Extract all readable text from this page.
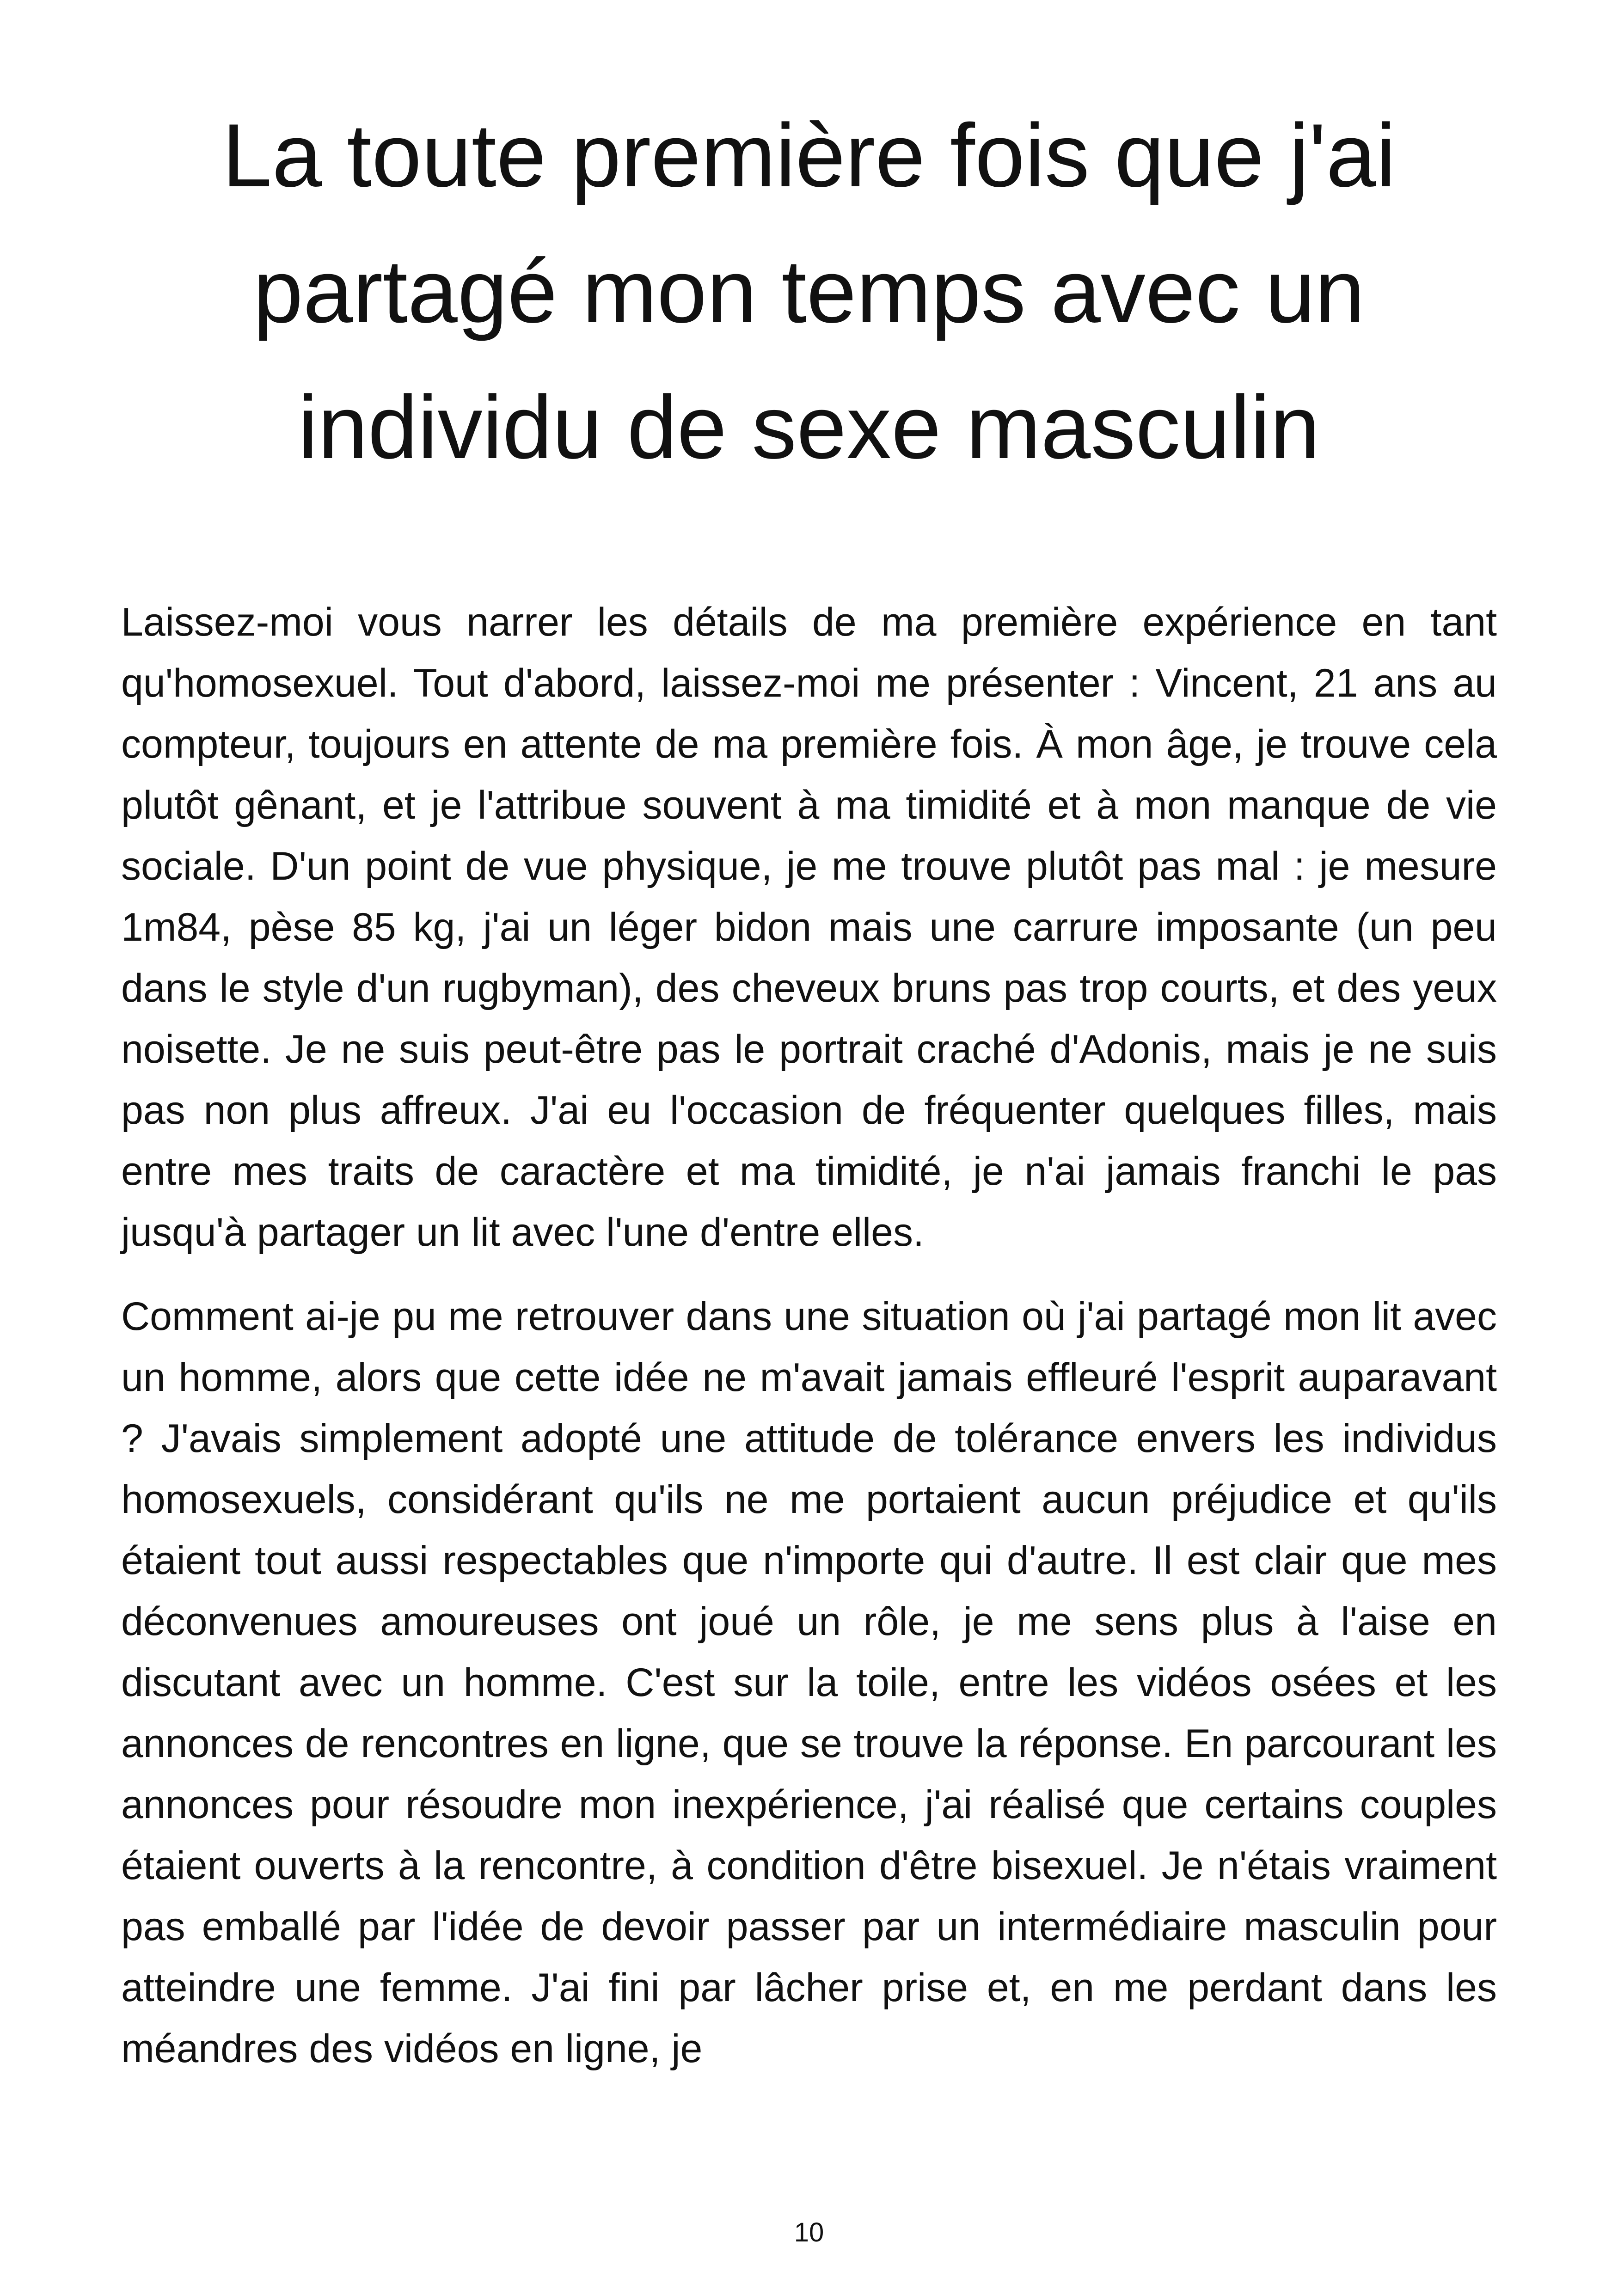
La toute première fois que j'ai partagé mon temps avec un individu de sexe masculin

Laissez-moi vous narrer les détails de ma première expérience en tant qu'homosexuel. Tout d'abord, laissez-moi me présenter : Vincent, 21 ans au compteur, toujours en attente de ma première fois. À mon âge, je trouve cela plutôt gênant, et je l'attribue souvent à ma timidité et à mon manque de vie sociale. D'un point de vue physique, je me trouve plutôt pas mal : je mesure 1m84, pèse 85 kg, j'ai un léger bidon mais une carrure imposante (un peu dans le style d'un rugbyman), des cheveux bruns pas trop courts, et des yeux noisette. Je ne suis peut-être pas le portrait craché d'Adonis, mais je ne suis pas non plus affreux. J'ai eu l'occasion de fréquenter quelques filles, mais entre mes traits de caractère et ma timidité, je n'ai jamais franchi le pas jusqu'à partager un lit avec l'une d'entre elles.

Comment ai-je pu me retrouver dans une situation où j'ai partagé mon lit avec un homme, alors que cette idée ne m'avait jamais effleuré l'esprit auparavant ? J'avais simplement adopté une attitude de tolérance envers les individus homosexuels, considérant qu'ils ne me portaient aucun préjudice et qu'ils étaient tout aussi respectables que n'importe qui d'autre. Il est clair que mes déconvenues amoureuses ont joué un rôle, je me sens plus à l'aise en discutant avec un homme. C'est sur la toile, entre les vidéos osées et les annonces de rencontres en ligne, que se trouve la réponse. En parcourant les annonces pour résoudre mon inexpérience, j'ai réalisé que certains couples étaient ouverts à la rencontre, à condition d'être bisexuel. Je n'étais vraiment pas emballé par l'idée de devoir passer par un intermédiaire masculin pour atteindre une femme. J'ai fini par lâcher prise et, en me perdant dans les méandres des vidéos en ligne, je

10
